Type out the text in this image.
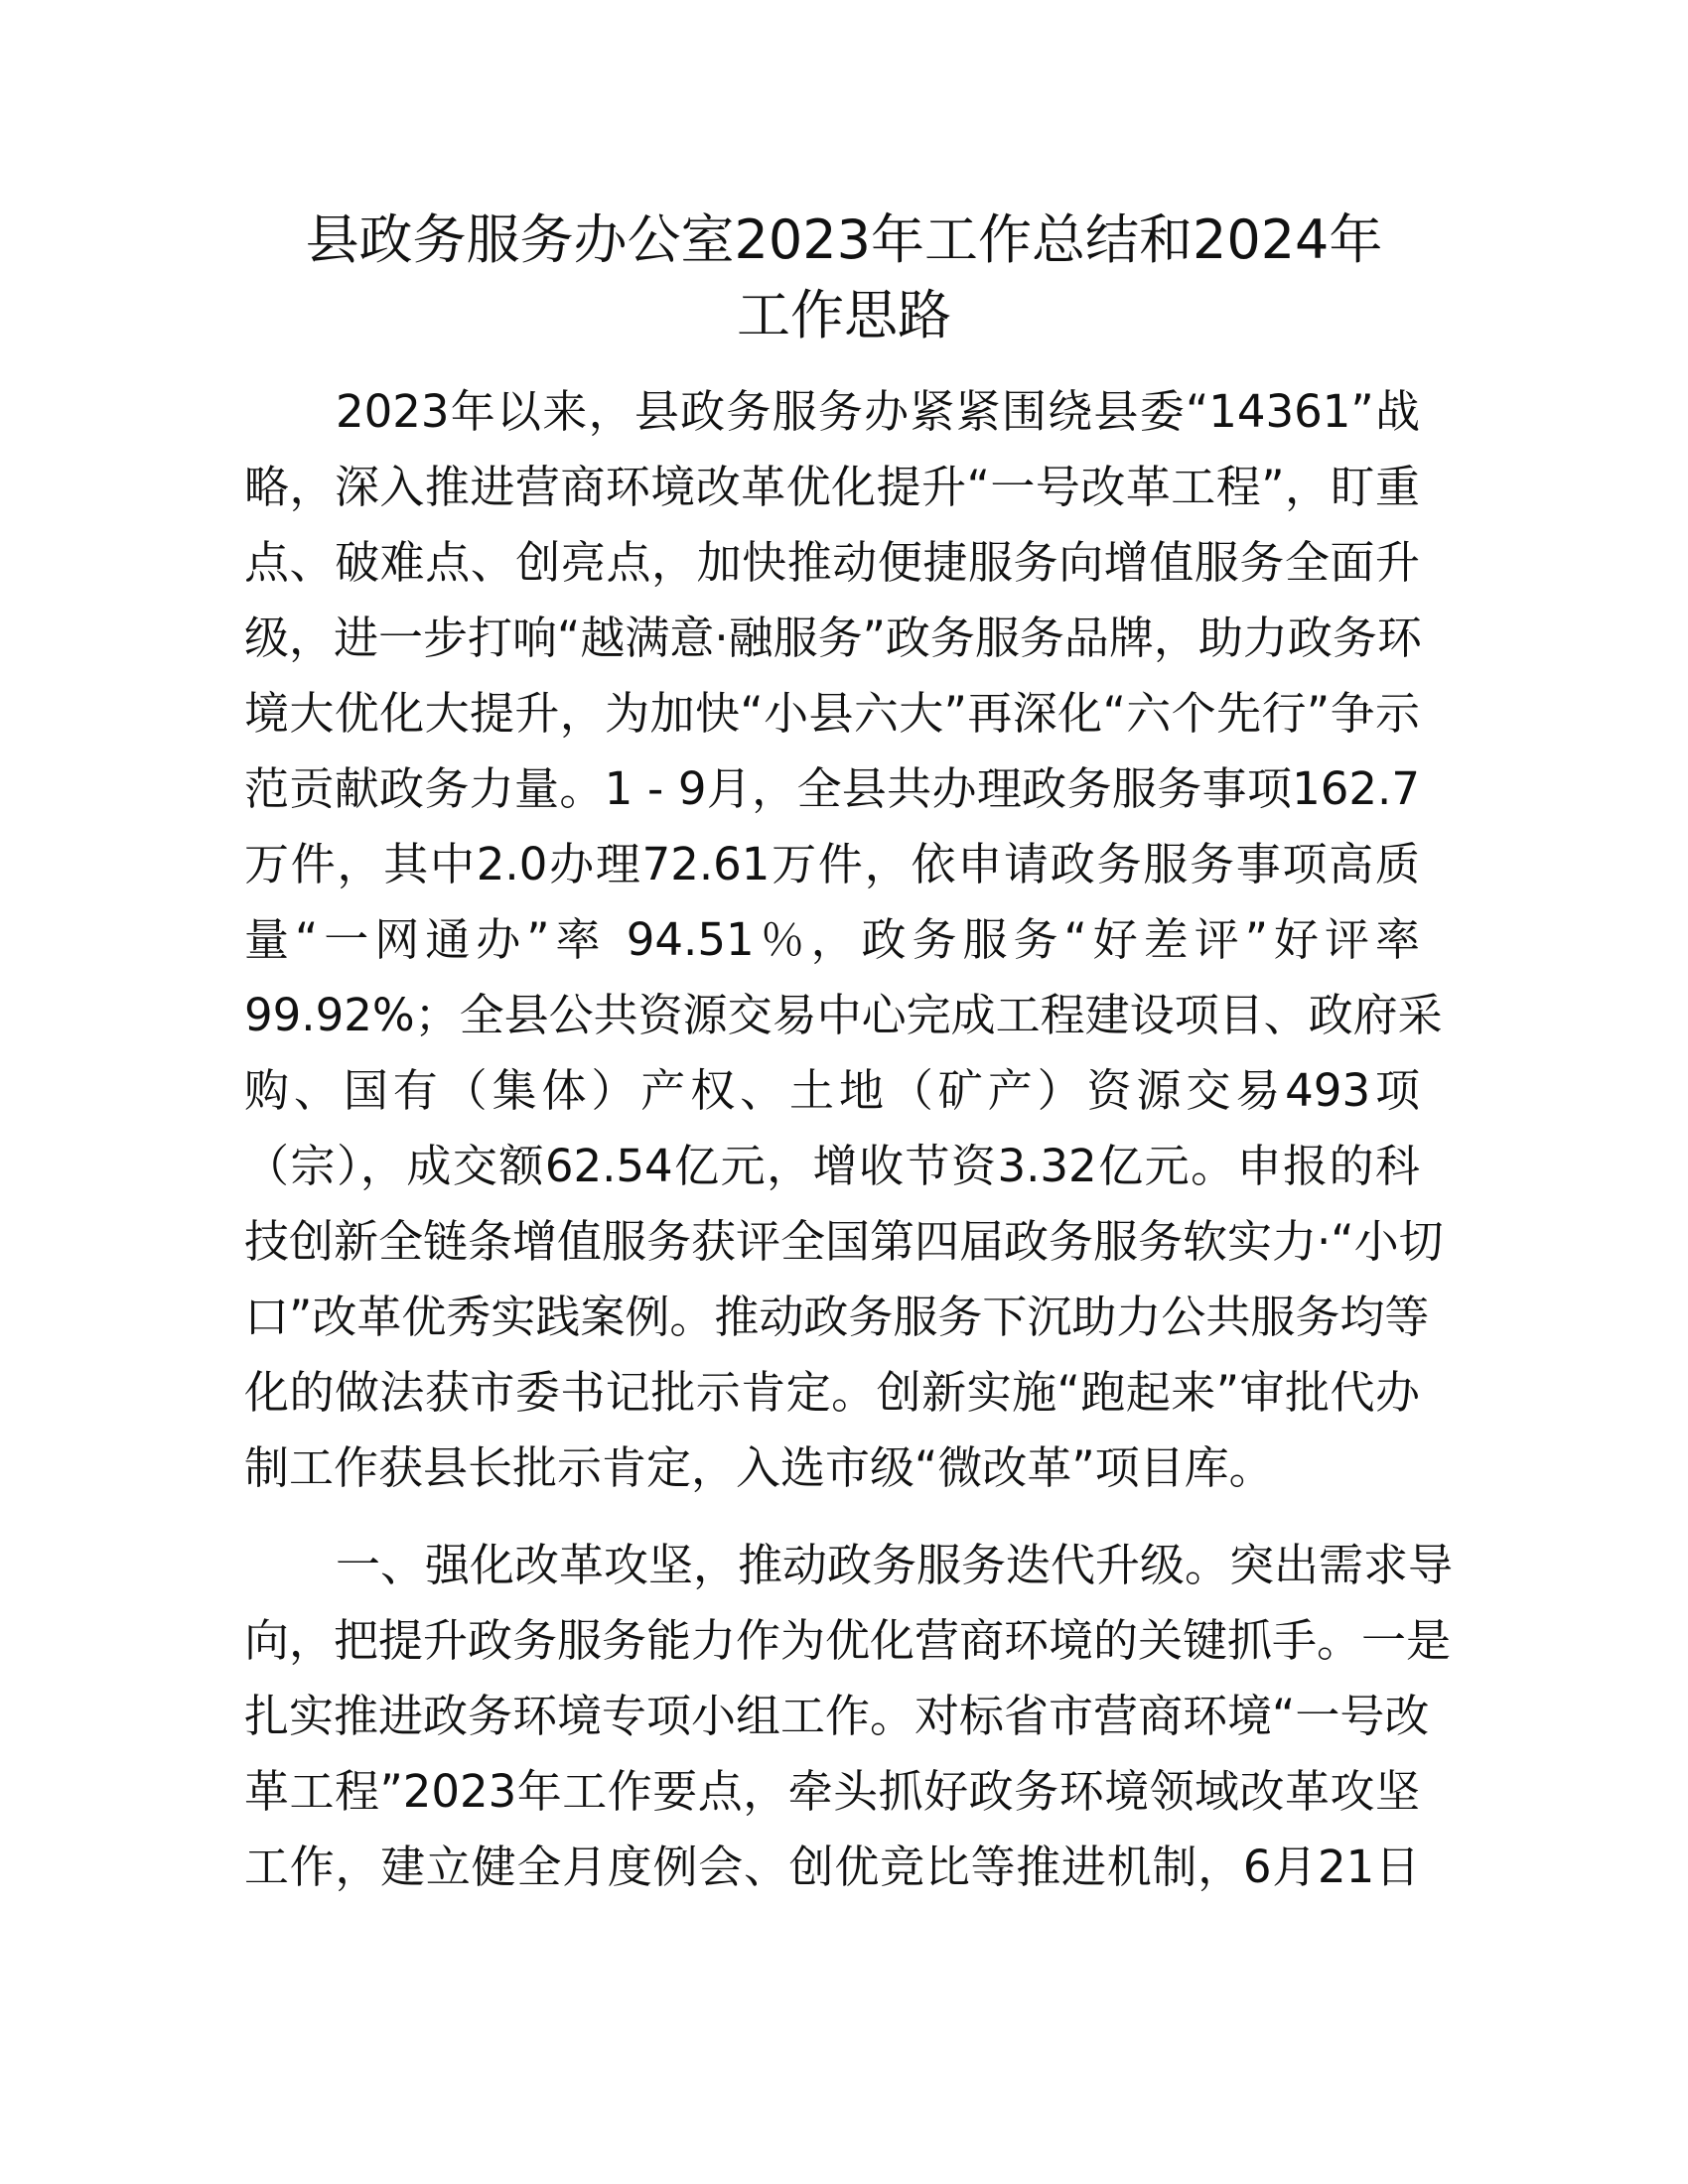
县政务服务办公室2023年工作总结和2024年
工作思路
2023年以来，县政务服务办紧紧围绕县委“14361”战
略，深入推进营商环境改革优化提升“一号改革工程”，盯重
点、破难点、创亮点，加快推动便捷服务向增值服务全面升
级，进一步打响“越满意·融服务”政务服务品牌，助力政务环
境大优化大提升，为加快“小县六大”再深化“六个先行”争示
范贡献政务力量。1 - 9月，全县共办理政务服务事项162.7
万件，其中2.0办理72.61万件，依申请政务服务事项高质
量“一网通办”率 94.51％，政务服务“好差评”好评率
99.92%；全县公共资源交易中心完成工程建设项目、政府采
购、国有（集体）产权、土地（矿产）资源交易493项
（宗），成交额62.54亿元，增收节资3.32亿元。申报的科
技创新全链条增值服务获评全国第四届政务服务软实力·“小切
口”改革优秀实践案例。推动政务服务下沉助力公共服务均等
化的做法获市委书记批示肯定。创新实施“跑起来”审批代办
制工作获县长批示肯定，入选市级“微改革”项目库。
一、强化改革攻坚，推动政务服务迭代升级。突出需求导
向，把提升政务服务能力作为优化营商环境的关键抓手。一是
扎实推进政务环境专项小组工作。对标省市营商环境“一号改
革工程”2023年工作要点，牵头抓好政务环境领域改革攻坚
工作，建立健全月度例会、创优竞比等推进机制，6月21日
